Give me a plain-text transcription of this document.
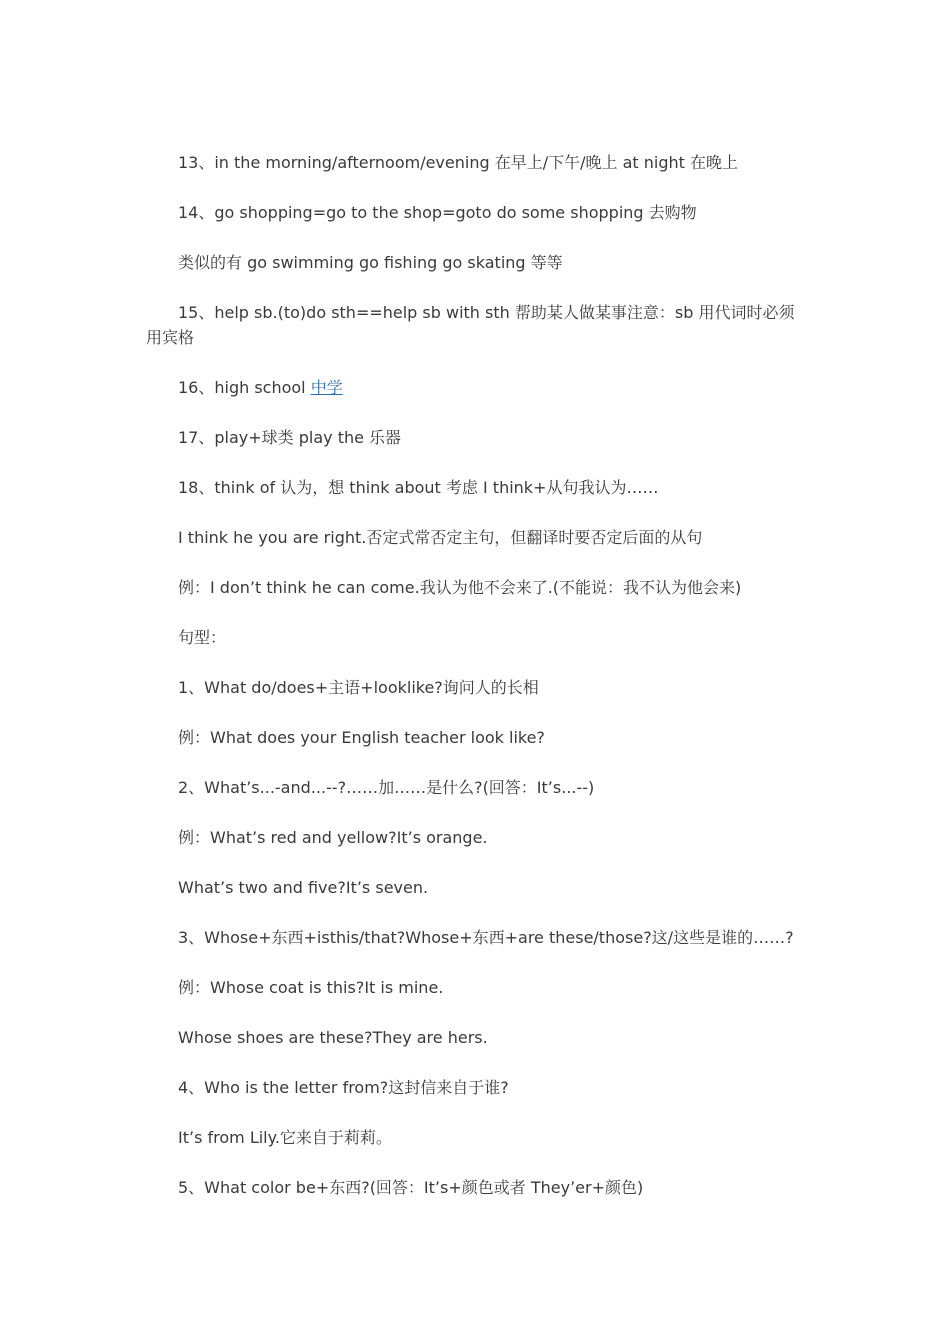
13、in the morning/afternoom/evening 在早上/下午/晚上 at night 在晚上

14、go shopping=go to the shop=goto do some shopping 去购物

类似的有 go swimming go fishing go skating 等等

15、help sb.(to)do sth==help sb with sth 帮助某人做某事注意：sb 用代词时必须用宾格

16、high school 中学

17、play+球类 play the 乐器

18、think of 认为，想 think about 考虑 I think+从句我认为……

I think he you are right.否定式常否定主句，但翻译时要否定后面的从句

例：I don’t think he can come.我认为他不会来了.(不能说：我不认为他会来)

句型：

1、What do/does+主语+looklike?询问人的长相

例：What does your English teacher look like?

2、What’s...-and...--?……加……是什么?(回答：It’s...--)

例：What’s red and yellow?It’s orange.

What’s two and five?It’s seven.

3、Whose+东西+isthis/that?Whose+东西+are these/those?这/这些是谁的……?

例：Whose coat is this?It is mine.

Whose shoes are these?They are hers.

4、Who is the letter from?这封信来自于谁?

It’s from Lily.它来自于莉莉。

5、What color be+东西?(回答：It’s+颜色或者 They’er+颜色)
